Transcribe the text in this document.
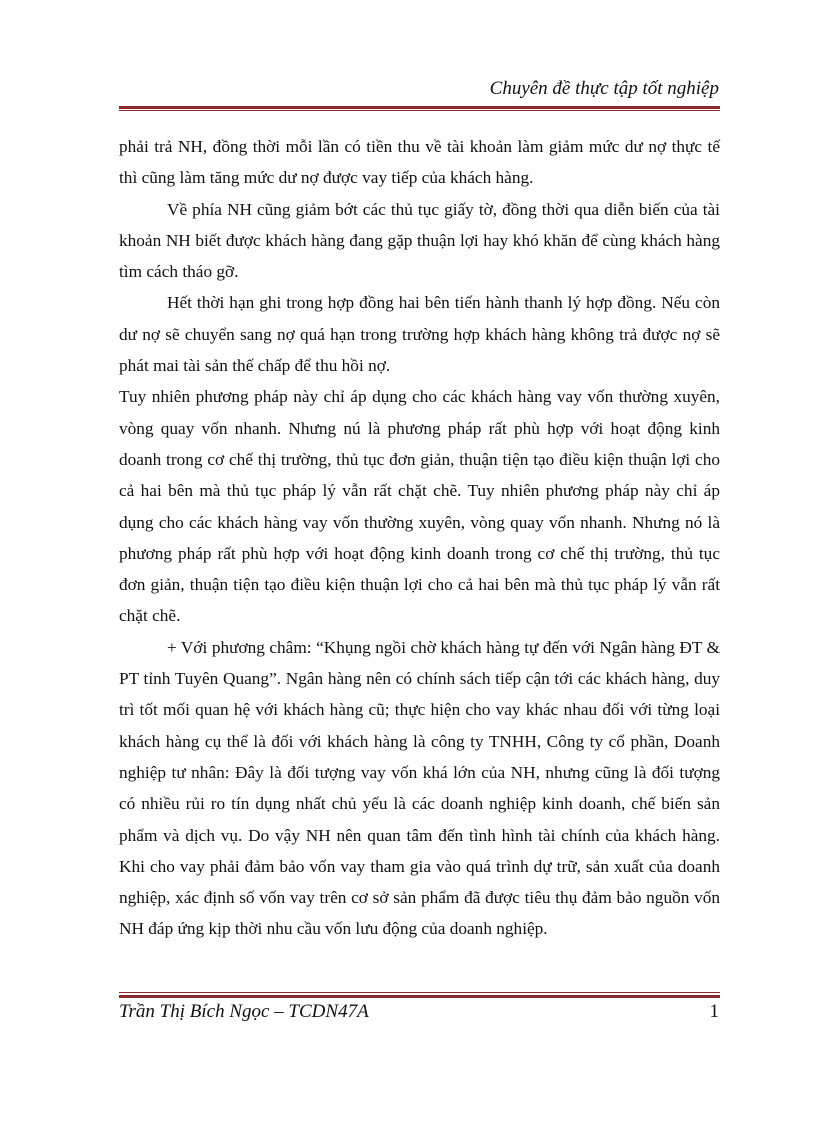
Chuyên đề thực tập tốt nghiệp

phải trả NH, đồng thời mỗi lần có tiền thu về tài khoản làm giảm mức dư nợ thực tế thì cũng làm tăng mức dư nợ được vay tiếp của khách hàng.

Về phía NH cũng giảm bớt các thủ tục giấy tờ, đồng thời qua diễn biến của tài khoản NH biết được khách hàng đang gặp thuận lợi hay khó khăn để cùng khách hàng tìm cách tháo gỡ.

Hết thời hạn ghi trong hợp đồng hai bên tiến hành thanh lý hợp đồng. Nếu còn dư nợ sẽ chuyển sang nợ quá hạn trong trường hợp khách hàng không trả được nợ sẽ phát mai tài sản thế chấp để thu hồi nợ.

Tuy nhiên phương pháp này chỉ áp dụng cho các khách hàng vay vốn thường xuyên, vòng quay vốn nhanh. Nhưng nú là phương pháp rất phù hợp với hoạt động kinh doanh trong cơ chế thị trường, thủ tục đơn giản, thuận tiện tạo điều kiện thuận lợi cho cả hai bên mà thủ tục pháp lý vẫn rất chặt chẽ. Tuy nhiên phương pháp này chỉ áp dụng cho các khách hàng vay vốn thường xuyên, vòng quay vốn nhanh. Nhưng nó là phương pháp rất phù hợp với hoạt động kinh doanh trong cơ chế thị trường, thủ tục đơn giản, thuận tiện tạo điều kiện thuận lợi cho cả hai bên mà thủ tục pháp lý vẫn rất chặt chẽ.

+ Với phương châm: “Khụng ngồi chờ khách hàng tự đến với Ngân hàng ĐT & PT tỉnh Tuyên Quang”. Ngân hàng nên có chính sách tiếp cận tới các khách hàng, duy trì tốt mối quan hệ với khách hàng cũ; thực hiện cho vay khác nhau đối với từng loại khách hàng cụ thể là đối với khách hàng là công ty TNHH, Công ty cổ phần, Doanh nghiệp tư nhân: Đây là đối tượng vay vốn khá lớn của NH, nhưng cũng là đối tượng có nhiều rủi ro tín dụng nhất chủ yếu là các doanh nghiệp kinh doanh, chế biến sản phẩm và dịch vụ. Do vậy NH nên quan tâm đến tình hình tài chính của khách hàng. Khi cho vay phải đảm bảo vốn vay tham gia vào quá trình dự trữ, sản xuất của doanh nghiệp, xác định số vốn vay trên cơ sở sản phẩm đã được tiêu thụ đảm bảo nguồn vốn NH đáp ứng kịp thời nhu cầu vốn lưu động của doanh nghiệp.

Trần Thị Bích Ngọc – TCDN47A	1
